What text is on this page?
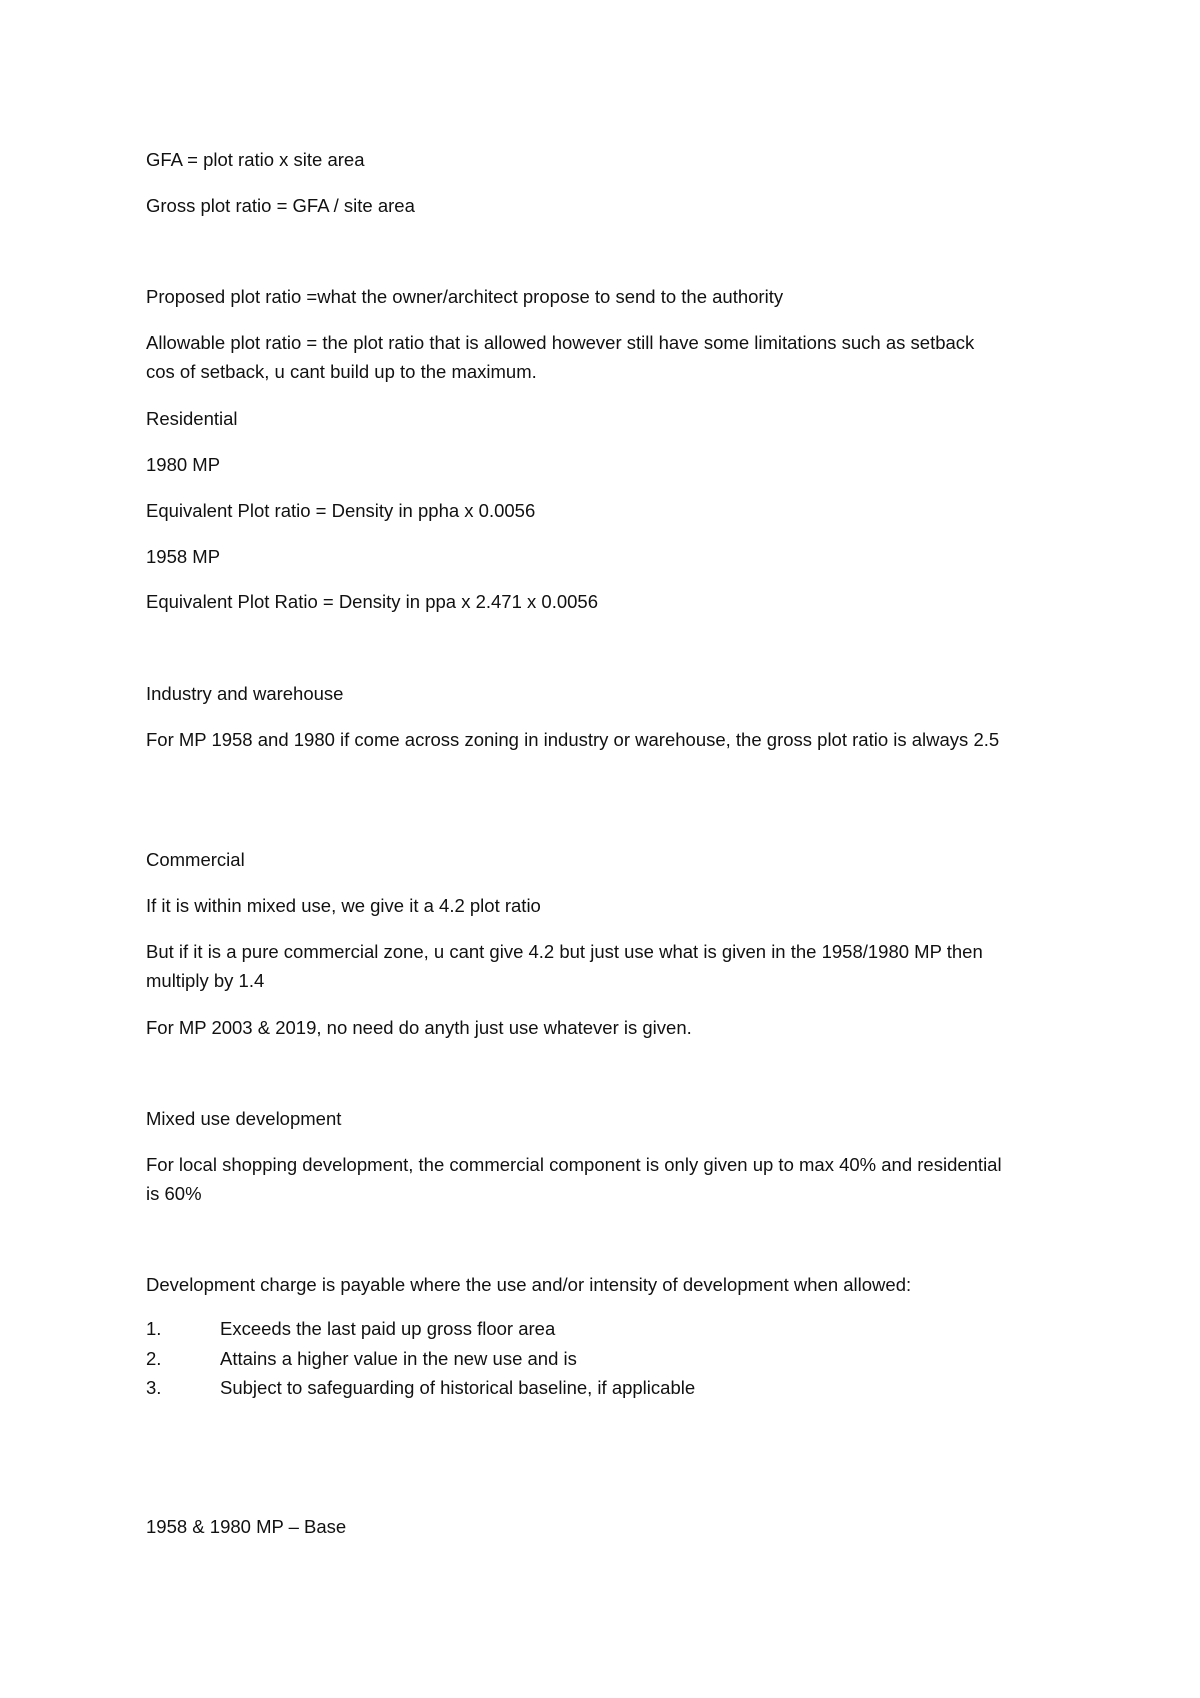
GFA = plot ratio x site area
Gross plot ratio = GFA / site area
Proposed plot ratio =what the owner/architect propose to send to the authority
Allowable plot ratio = the plot ratio that is allowed however still have some limitations such as setback cos of setback, u cant build up to the maximum.
Residential
1980 MP
Equivalent Plot ratio = Density in ppha x 0.0056
1958 MP
Equivalent Plot Ratio = Density in ppa x 2.471 x 0.0056
Industry and warehouse
For MP 1958 and 1980 if come across zoning in industry or warehouse, the gross plot ratio is always 2.5
Commercial
If it is within mixed use, we give it a 4.2 plot ratio
But if it is a pure commercial zone, u cant give 4.2 but just use what is given in the 1958/1980 MP then multiply by 1.4
For MP 2003 & 2019, no need do anyth just use whatever is given.
Mixed use development
For local shopping development, the commercial component is only given up to max 40% and residential is 60%
Development charge is payable where the use and/or intensity of development when allowed:
1.	Exceeds the last paid up gross floor area
2.	Attains a higher value in the new use and is
3.	Subject to safeguarding of historical baseline, if applicable
1958 & 1980 MP – Base
